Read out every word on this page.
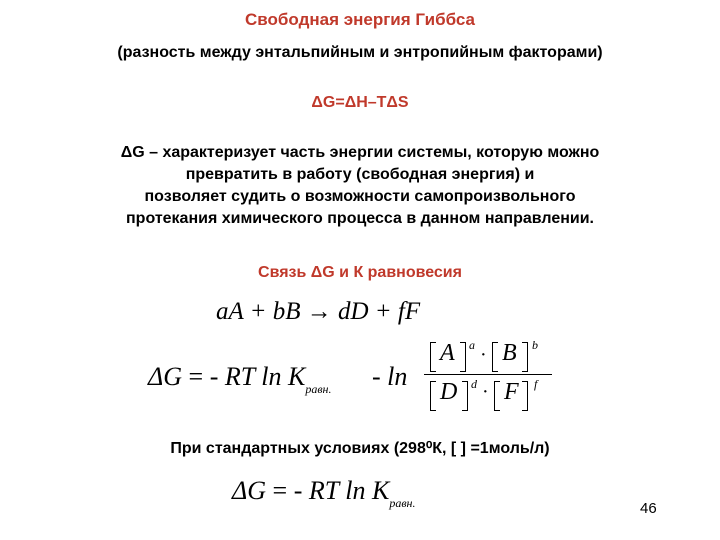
Свободная энергия Гиббса
(разность между энтальпийным и энтропийным факторами)
ΔG=ΔH–TΔS
ΔG – характеризует часть энергии системы, которую можно
превратить в работу (свободная энергия) и
позволяет судить о возможности самопроизвольного
протекания химического процесса в данном направлении.
Связь ΔG и К равновесия
aA + bB → dD + fF
ΔG = - RT $\ln K_{равн.}$ - ln
A a · B b
D d · F f
При стандартных условиях (298⁰К, [ ] =1моль/л)
ΔG = - RT $\ln K_{равн.}$	46
